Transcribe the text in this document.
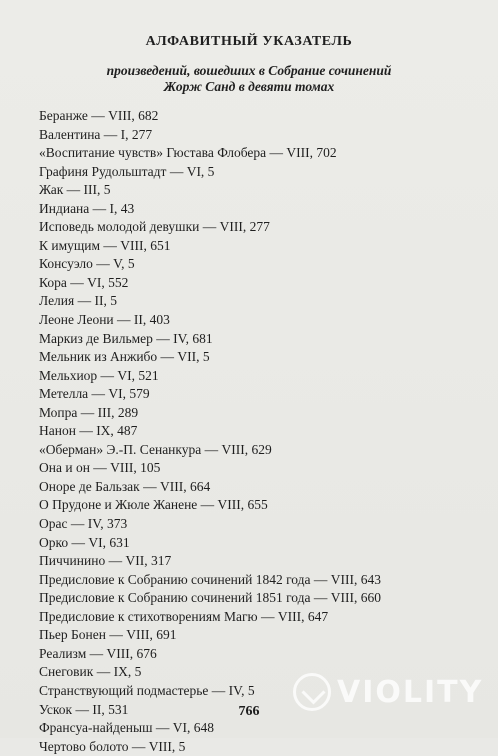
АЛФАВИТНЫЙ УКАЗАТЕЛЬ
произведений, вошедших в Собрание сочинений
Жорж Санд в девяти томах
Беранже — VIII, 682
Валентина — I, 277
«Воспитание чувств» Гюстава Флобера — VIII, 702
Графиня Рудольштадт — VI, 5
Жак — III, 5
Индиана — I, 43
Исповедь молодой девушки — VIII, 277
К имущим — VIII, 651
Консуэло — V, 5
Кора — VI, 552
Лелия — II, 5
Леоне Леони — II, 403
Маркиз де Вильмер — IV, 681
Мельник из Анжибо — VII, 5
Мельхиор — VI, 521
Метелла — VI, 579
Мопра — III, 289
Нанон — IX, 487
«Оберман» Э.-П. Сенанкура — VIII, 629
Она и он — VIII, 105
Оноре де Бальзак — VIII, 664
О Прудоне и Жюле Жанене — VIII, 655
Орас — IV, 373
Орко — VI, 631
Пиччинино — VII, 317
Предисловие к Собранию сочинений 1842 года — VIII, 643
Предисловие к Собранию сочинений 1851 года — VIII, 660
Предисловие к стихотворениям Магю — VIII, 647
Пьер Бонен — VIII, 691
Реализм — VIII, 676
Снеговик — IX, 5
Странствующий подмастерье — IV, 5
Ускок — II, 531
Франсуа-найденыш — VI, 648
Чертово болото — VIII, 5
766
VIOLITY
